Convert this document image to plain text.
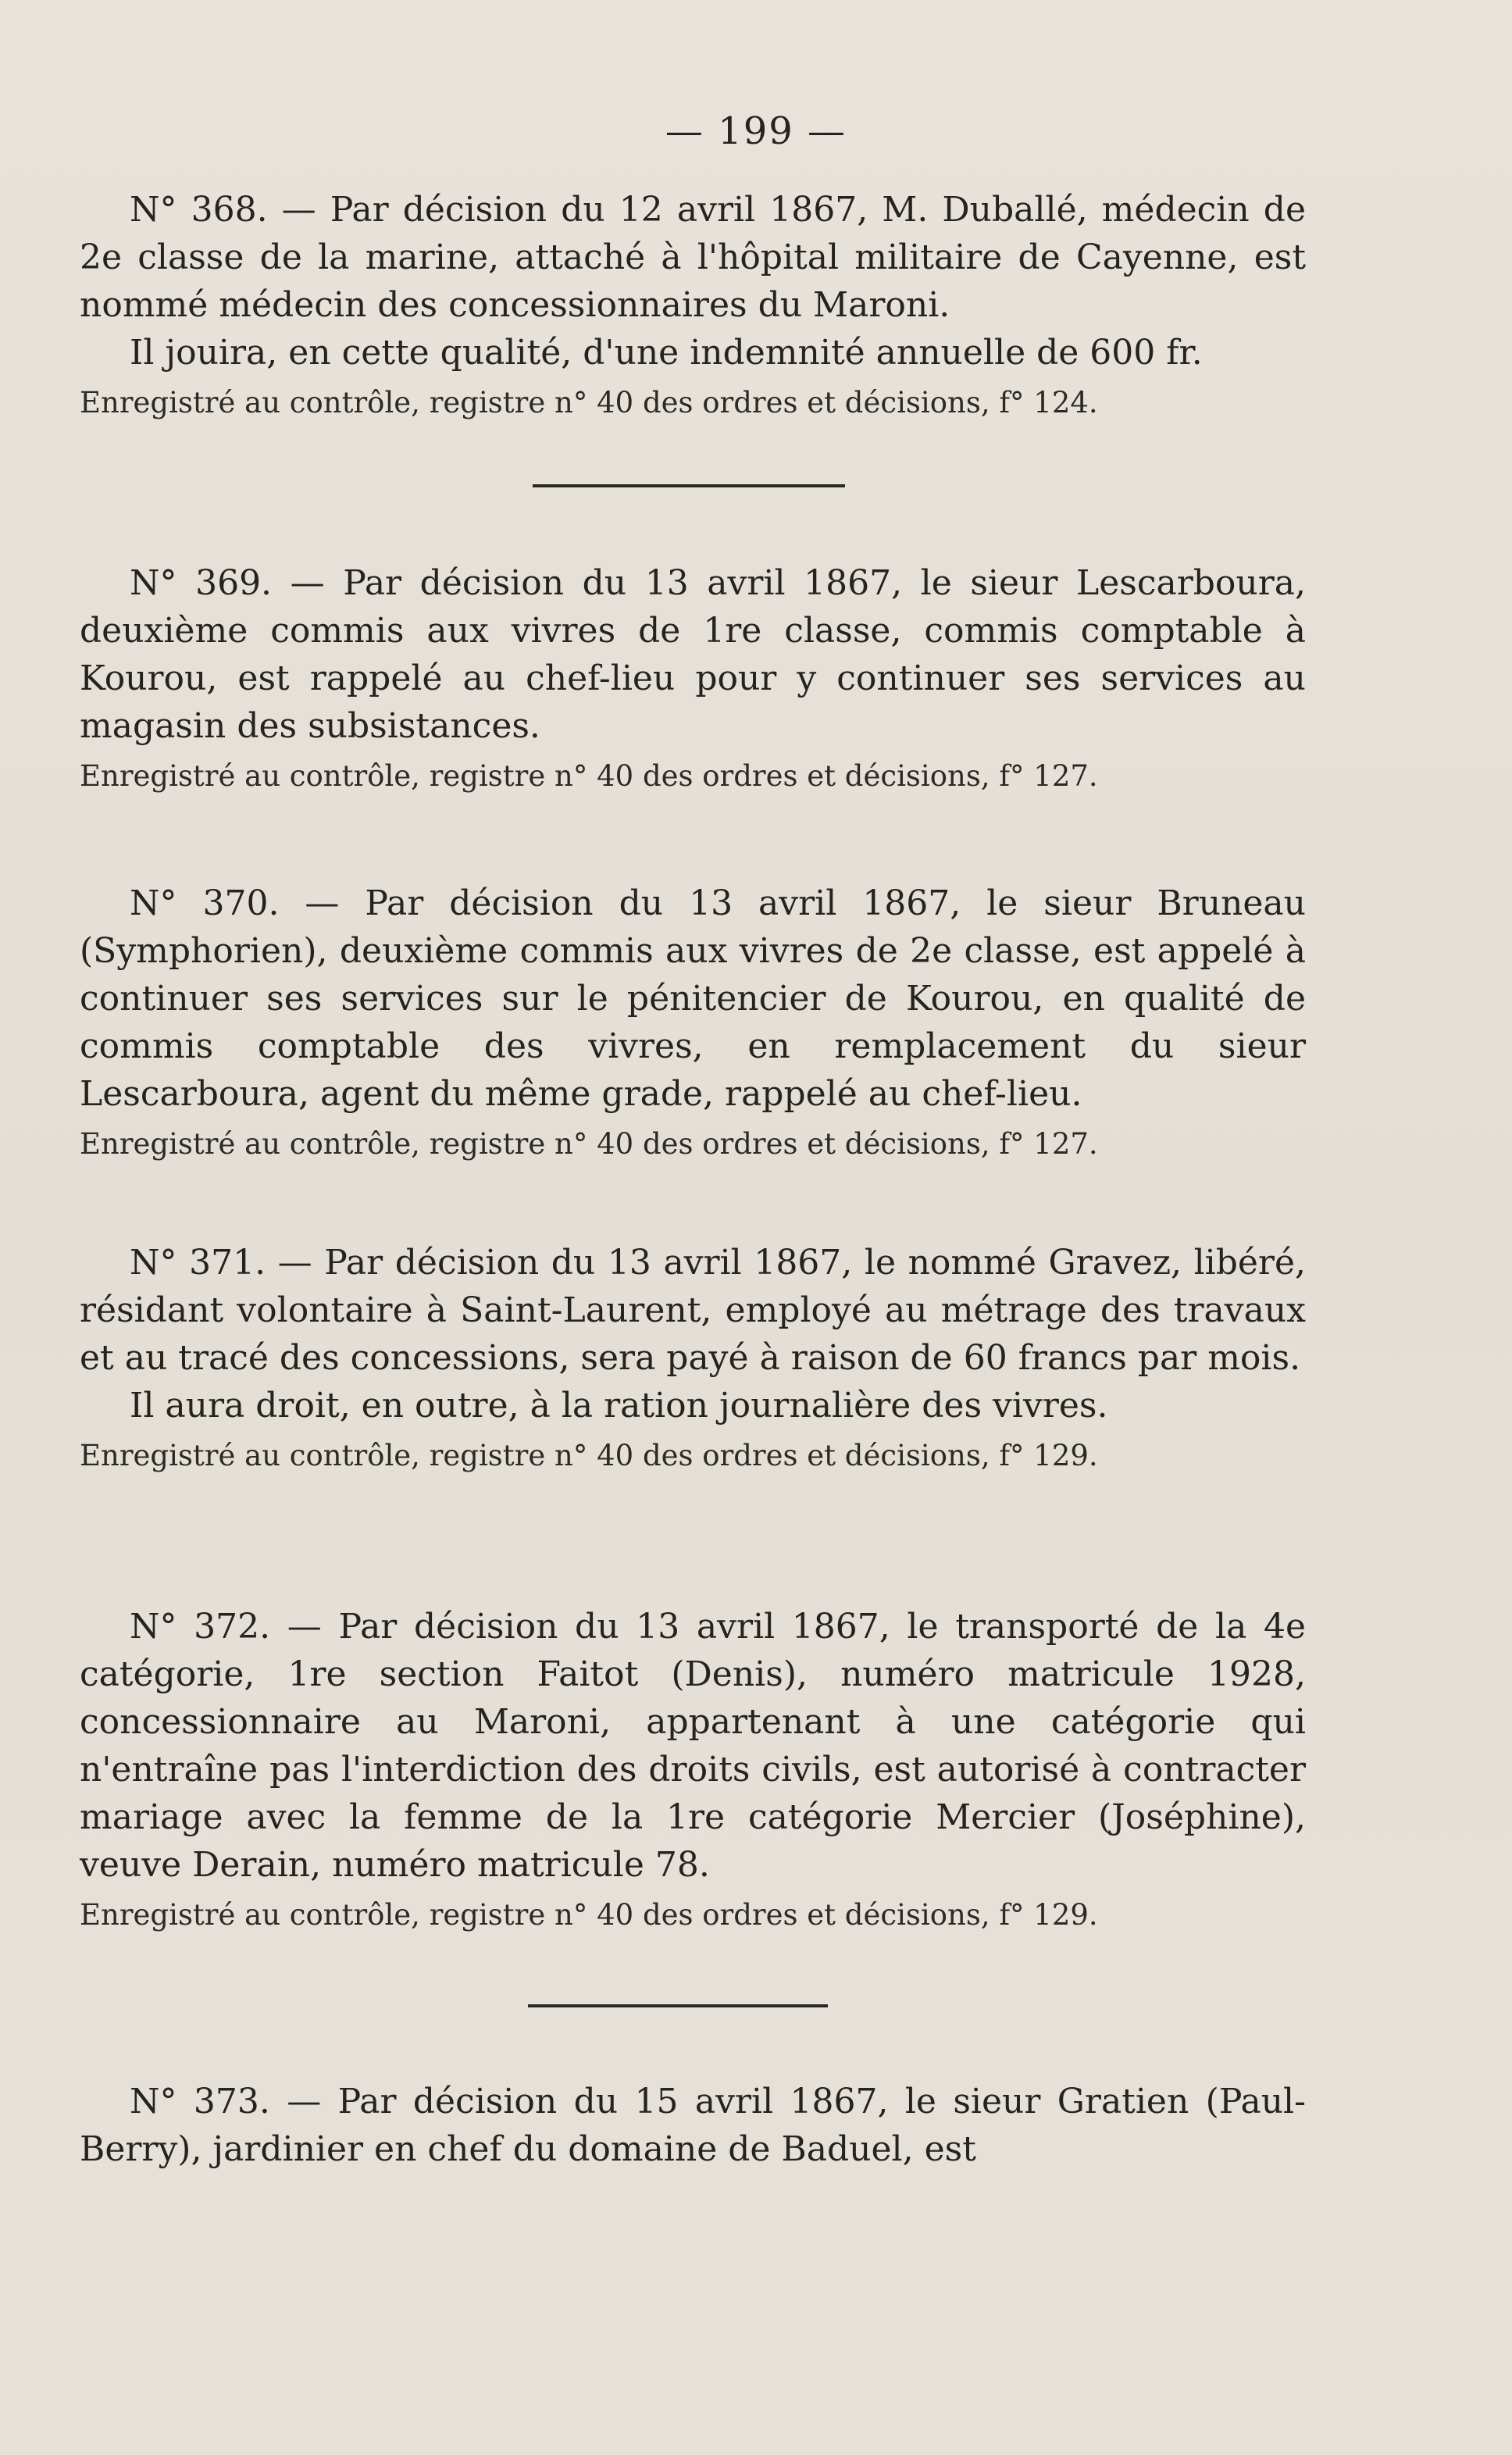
— 199 —

N° 368. — Par décision du 12 avril 1867, M. Duballé, médecin de 2e classe de la marine, attaché à l'hôpital militaire de Cayenne, est nommé médecin des concessionnaires du Maroni.

Il jouira, en cette qualité, d'une indemnité annuelle de 600 fr.

Enregistré au contrôle, registre n° 40 des ordres et décisions, f° 124.

N° 369. — Par décision du 13 avril 1867, le sieur Lescarboura, deuxième commis aux vivres de 1re classe, commis comptable à Kourou, est rappelé au chef-lieu pour y continuer ses services au magasin des subsistances.

Enregistré au contrôle, registre n° 40 des ordres et décisions, f° 127.

N° 370. — Par décision du 13 avril 1867, le sieur Bruneau (Symphorien), deuxième commis aux vivres de 2e classe, est appelé à continuer ses services sur le pénitencier de Kourou, en qualité de commis comptable des vivres, en remplacement du sieur Lescarboura, agent du même grade, rappelé au chef-lieu.

Enregistré au contrôle, registre n° 40 des ordres et décisions, f° 127.

N° 371. — Par décision du 13 avril 1867, le nommé Gravez, libéré, résidant volontaire à Saint-Laurent, employé au métrage des travaux et au tracé des concessions, sera payé à raison de 60 francs par mois.

Il aura droit, en outre, à la ration journalière des vivres.

Enregistré au contrôle, registre n° 40 des ordres et décisions, f° 129.

N° 372. — Par décision du 13 avril 1867, le transporté de la 4e catégorie, 1re section Faitot (Denis), numéro matricule 1928, concessionnaire au Maroni, appartenant à une catégorie qui n'entraîne pas l'interdiction des droits civils, est autorisé à contracter mariage avec la femme de la 1re catégorie Mercier (Joséphine), veuve Derain, numéro matricule 78.

Enregistré au contrôle, registre n° 40 des ordres et décisions, f° 129.

N° 373. — Par décision du 15 avril 1867, le sieur Gratien (Paul-Berry), jardinier en chef du domaine de Baduel, est
